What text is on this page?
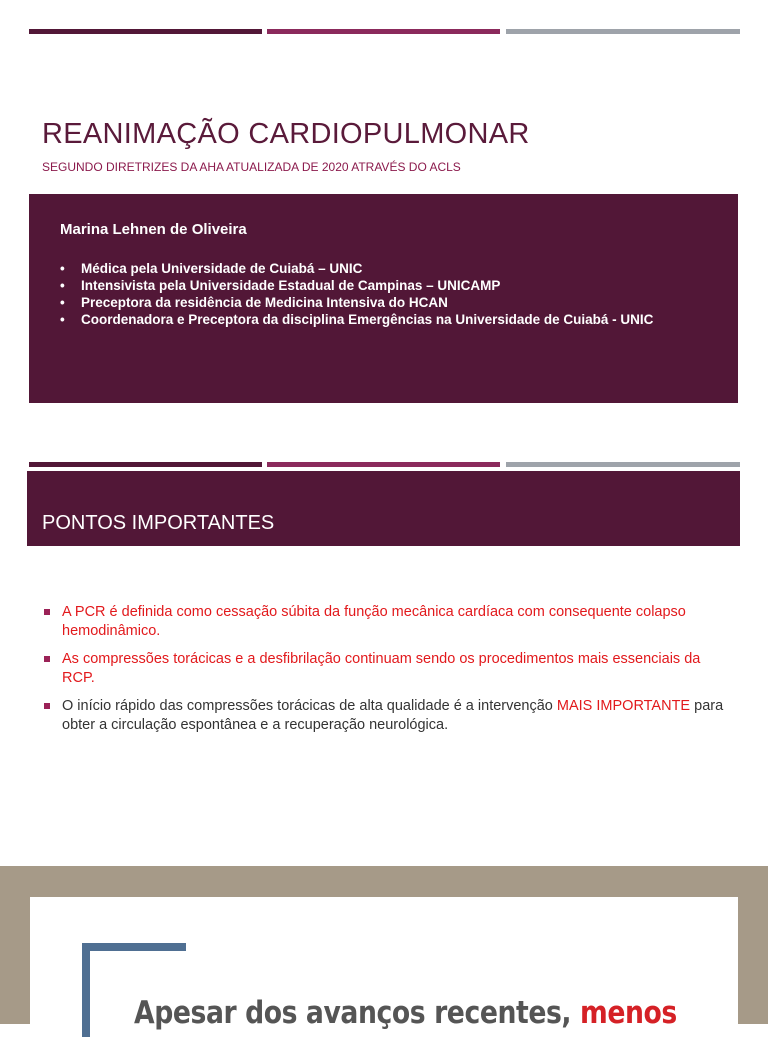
REANIMAÇÃO CARDIOPULMONAR
SEGUNDO DIRETRIZES DA AHA ATUALIZADA DE 2020 ATRAVÉS DO ACLS
Marina Lehnen de Oliveira
• Médica pela Universidade de Cuiabá – UNIC
• Intensivista pela Universidade Estadual de Campinas – UNICAMP
• Preceptora da residência de Medicina Intensiva do HCAN
• Coordenadora e Preceptora da disciplina Emergências na Universidade de Cuiabá - UNIC
PONTOS IMPORTANTES
A PCR é definida como cessação súbita da função mecânica cardíaca com consequente colapso hemodinâmico.
As compressões torácicas e a desfibrilação continuam sendo os procedimentos mais essenciais da RCP.
O início rápido das compressões torácicas de alta qualidade é a intervenção MAIS IMPORTANTE para obter a circulação espontânea e a recuperação neurológica.
Apesar dos avanços recentes, menos
